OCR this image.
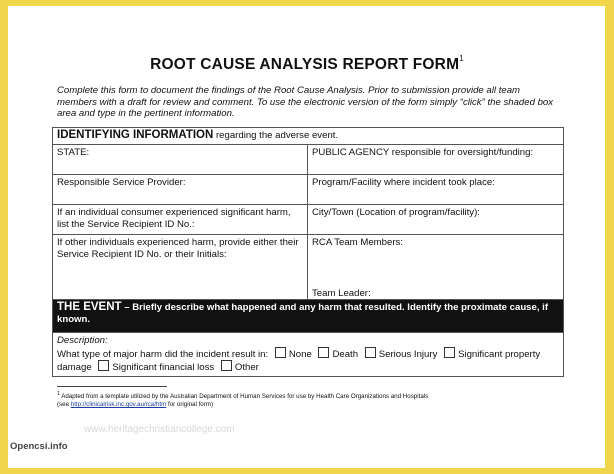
ROOT CAUSE ANALYSIS REPORT FORM$^1$
Complete this form to document the findings of the Root Cause Analysis. Prior to submission provide all team members with a draft for review and comment. To use the electronic version of the form simply “click” the shaded box area and type in the pertinent information.
IDENTIFYING INFORMATION regarding the adverse event.	
STATE:	PUBLIC AGENCY responsible for oversight/funding:
Responsible Service Provider:	Program/Facility where incident took place:
If an individual consumer experienced significant harm, list the Service Recipient ID No.:	City/Town (Location of program/facility):
If other individuals experienced harm, provide either their Service Recipient ID No. or their Initials:	RCA Team Members:
Team Leader:

THE EVENT – Briefly describe what happened and any harm that resulted. Identify the proximate cause, if known.	

Description:
What type of major harm did the incident result in: None Death Serious Injury Significant property damage Significant financial loss Other	
$^1$ Adapted from a template utilized by the Australian Department of Human Services for use by Health Care Organizations and Hospitals
(see http://clinicalrisk.inc.gov.au/rca/htm for original form)
www.heritagechristiancollege.com
Opencsi.info
